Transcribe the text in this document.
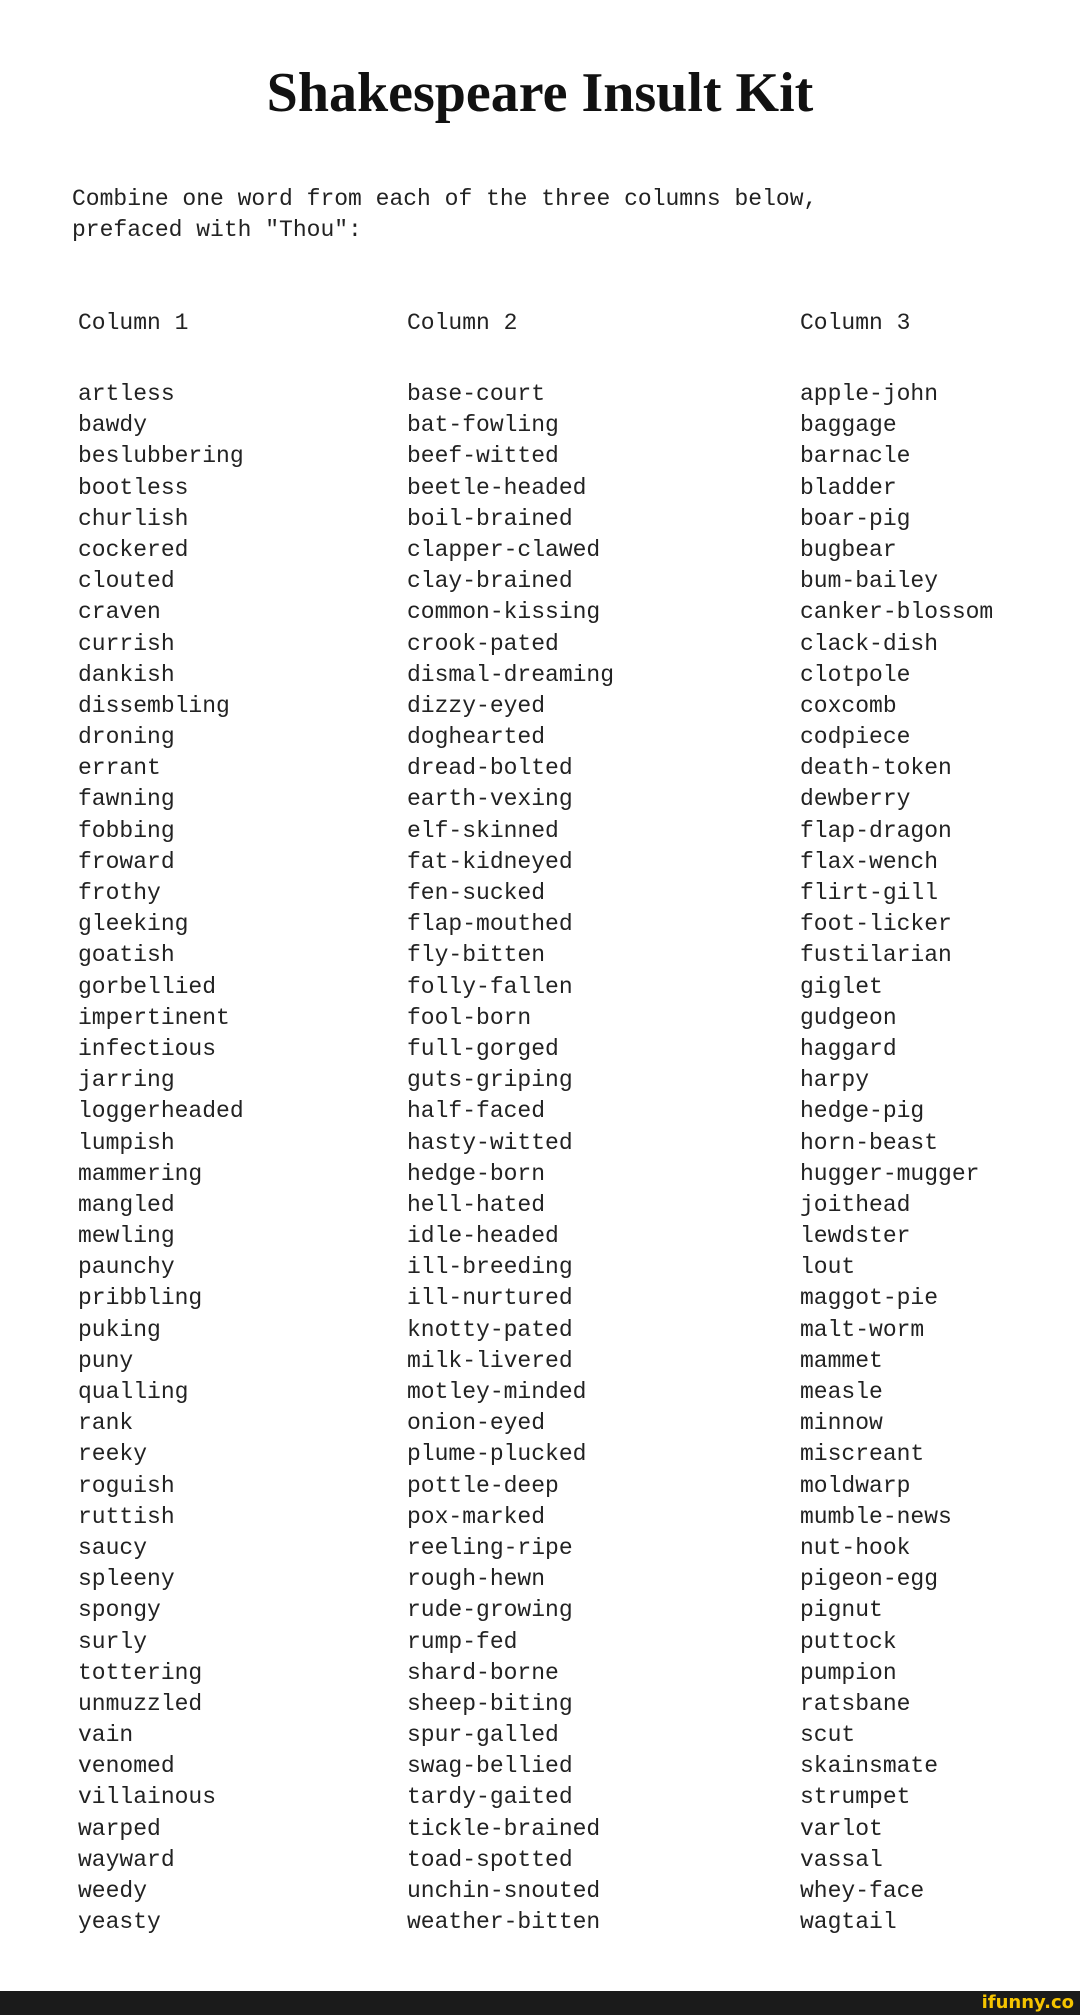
Shakespeare Insult Kit
Combine one word from each of the three columns below,
prefaced with "Thou":
Column 1
artless
bawdy
beslubbering
bootless
churlish
cockered
clouted
craven
currish
dankish
dissembling
droning
errant
fawning
fobbing
froward
frothy
gleeking
goatish
gorbellied
impertinent
infectious
jarring
loggerheaded
lumpish
mammering
mangled
mewling
paunchy
pribbling
puking
puny
qualling
rank
reeky
roguish
ruttish
saucy
spleeny
spongy
surly
tottering
unmuzzled
vain
venomed
villainous
warped
wayward
weedy
yeasty
Column 2
base-court
bat-fowling
beef-witted
beetle-headed
boil-brained
clapper-clawed
clay-brained
common-kissing
crook-pated
dismal-dreaming
dizzy-eyed
doghearted
dread-bolted
earth-vexing
elf-skinned
fat-kidneyed
fen-sucked
flap-mouthed
fly-bitten
folly-fallen
fool-born
full-gorged
guts-griping
half-faced
hasty-witted
hedge-born
hell-hated
idle-headed
ill-breeding
ill-nurtured
knotty-pated
milk-livered
motley-minded
onion-eyed
plume-plucked
pottle-deep
pox-marked
reeling-ripe
rough-hewn
rude-growing
rump-fed
shard-borne
sheep-biting
spur-galled
swag-bellied
tardy-gaited
tickle-brained
toad-spotted
unchin-snouted
weather-bitten
Column 3
apple-john
baggage
barnacle
bladder
boar-pig
bugbear
bum-bailey
canker-blossom
clack-dish
clotpole
coxcomb
codpiece
death-token
dewberry
flap-dragon
flax-wench
flirt-gill
foot-licker
fustilarian
giglet
gudgeon
haggard
harpy
hedge-pig
horn-beast
hugger-mugger
joithead
lewdster
lout
maggot-pie
malt-worm
mammet
measle
minnow
miscreant
moldwarp
mumble-news
nut-hook
pigeon-egg
pignut
puttock
pumpion
ratsbane
scut
skainsmate
strumpet
varlot
vassal
whey-face
wagtail
ifunny.co
